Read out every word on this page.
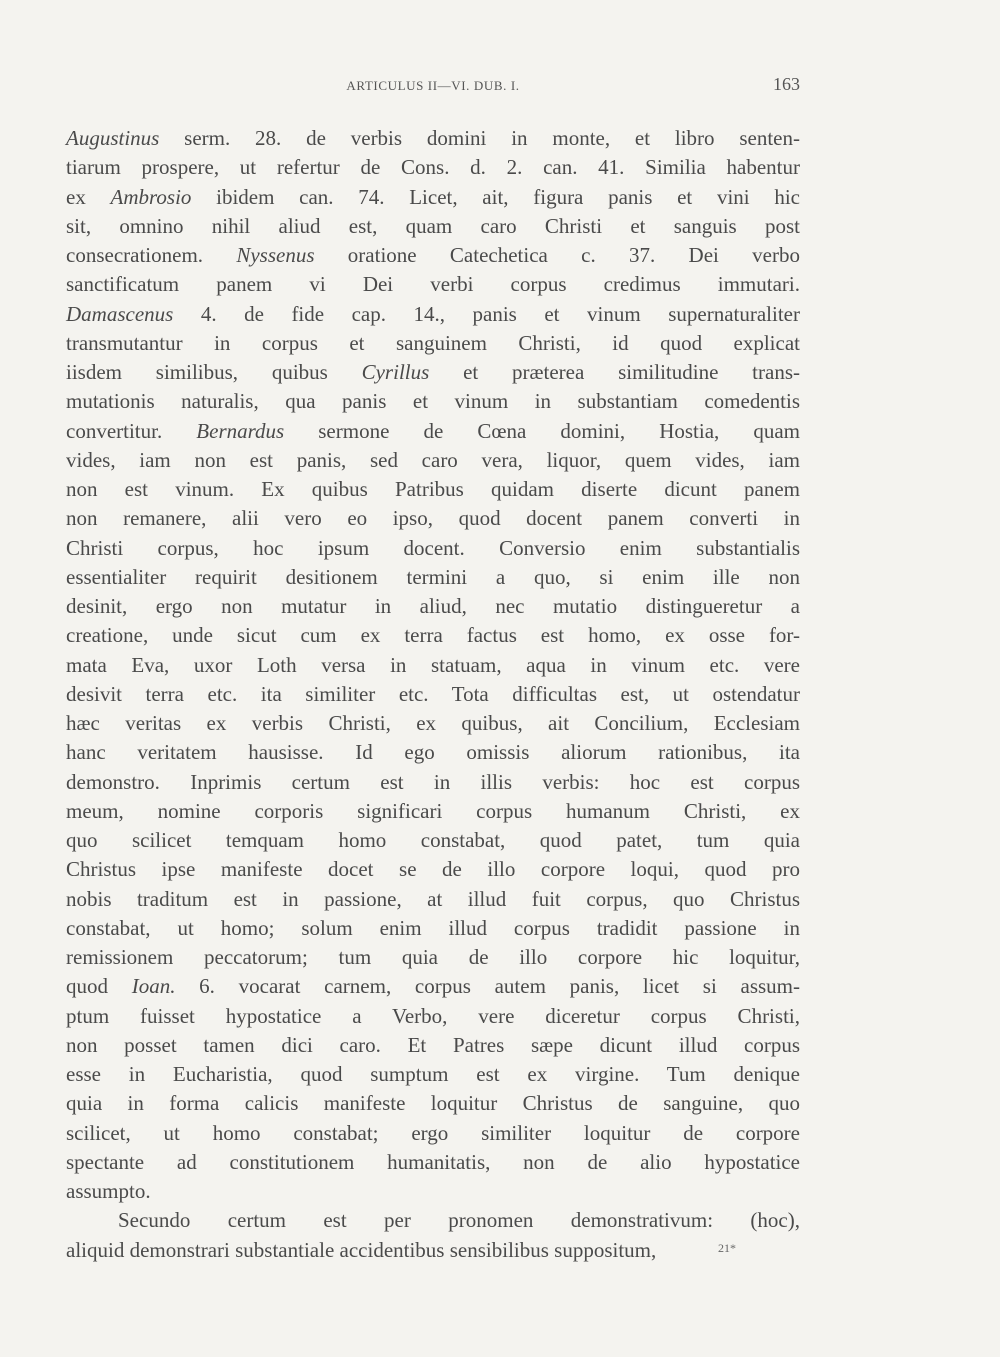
ARTICULUS II—VI. DUB. I.	163
Augustinus serm. 28. de verbis domini in monte, et libro senten-
tiarum prospere, ut refertur de Cons. d. 2. can. 41. Similia habentur
ex Ambrosio ibidem can. 74. Licet, ait, figura panis et vini hic
sit, omnino nihil aliud est, quam caro Christi et sanguis post
consecrationem. Nyssenus oratione Catechetica c. 37. Dei verbo
sanctificatum panem vi Dei verbi corpus credimus immutari.
Damascenus 4. de fide cap. 14., panis et vinum supernaturaliter
transmutantur in corpus et sanguinem Christi, id quod explicat
iisdem similibus, quibus Cyrillus et præterea similitudine trans-
mutationis naturalis, qua panis et vinum in substantiam comedentis
convertitur. Bernardus sermone de Cœna domini, Hostia, quam
vides, iam non est panis, sed caro vera, liquor, quem vides, iam
non est vinum. Ex quibus Patribus quidam diserte dicunt panem
non remanere, alii vero eo ipso, quod docent panem converti in
Christi corpus, hoc ipsum docent. Conversio enim substantialis
essentialiter requirit desitionem termini a quo, si enim ille non
desinit, ergo non mutatur in aliud, nec mutatio distingueretur a
creatione, unde sicut cum ex terra factus est homo, ex osse for-
mata Eva, uxor Loth versa in statuam, aqua in vinum etc. vere
desivit terra etc. ita similiter etc. Tota difficultas est, ut ostendatur
hæc veritas ex verbis Christi, ex quibus, ait Concilium, Ecclesiam
hanc veritatem hausisse. Id ego omissis aliorum rationibus, ita
demonstro. Inprimis certum est in illis verbis: hoc est corpus
meum, nomine corporis significari corpus humanum Christi, ex
quo scilicet temquam homo constabat, quod patet, tum quia
Christus ipse manifeste docet se de illo corpore loqui, quod pro
nobis traditum est in passione, at illud fuit corpus, quo Christus
constabat, ut homo; solum enim illud corpus tradidit passione in
remissionem peccatorum; tum quia de illo corpore hic loquitur,
quod Ioan. 6. vocarat carnem, corpus autem panis, licet si assum-
ptum fuisset hypostatice a Verbo, vere diceretur corpus Christi,
non posset tamen dici caro. Et Patres sæpe dicunt illud corpus
esse in Eucharistia, quod sumptum est ex virgine. Tum denique
quia in forma calicis manifeste loquitur Christus de sanguine, quo
scilicet, ut homo constabat; ergo similiter loquitur de corpore
spectante ad constitutionem humanitatis, non de alio hypostatice
assumpto.
Secundo certum est per pronomen demonstrativum: (hoc),
aliquid demonstrari substantiale accidentibus sensibilibus suppositum,	21*
